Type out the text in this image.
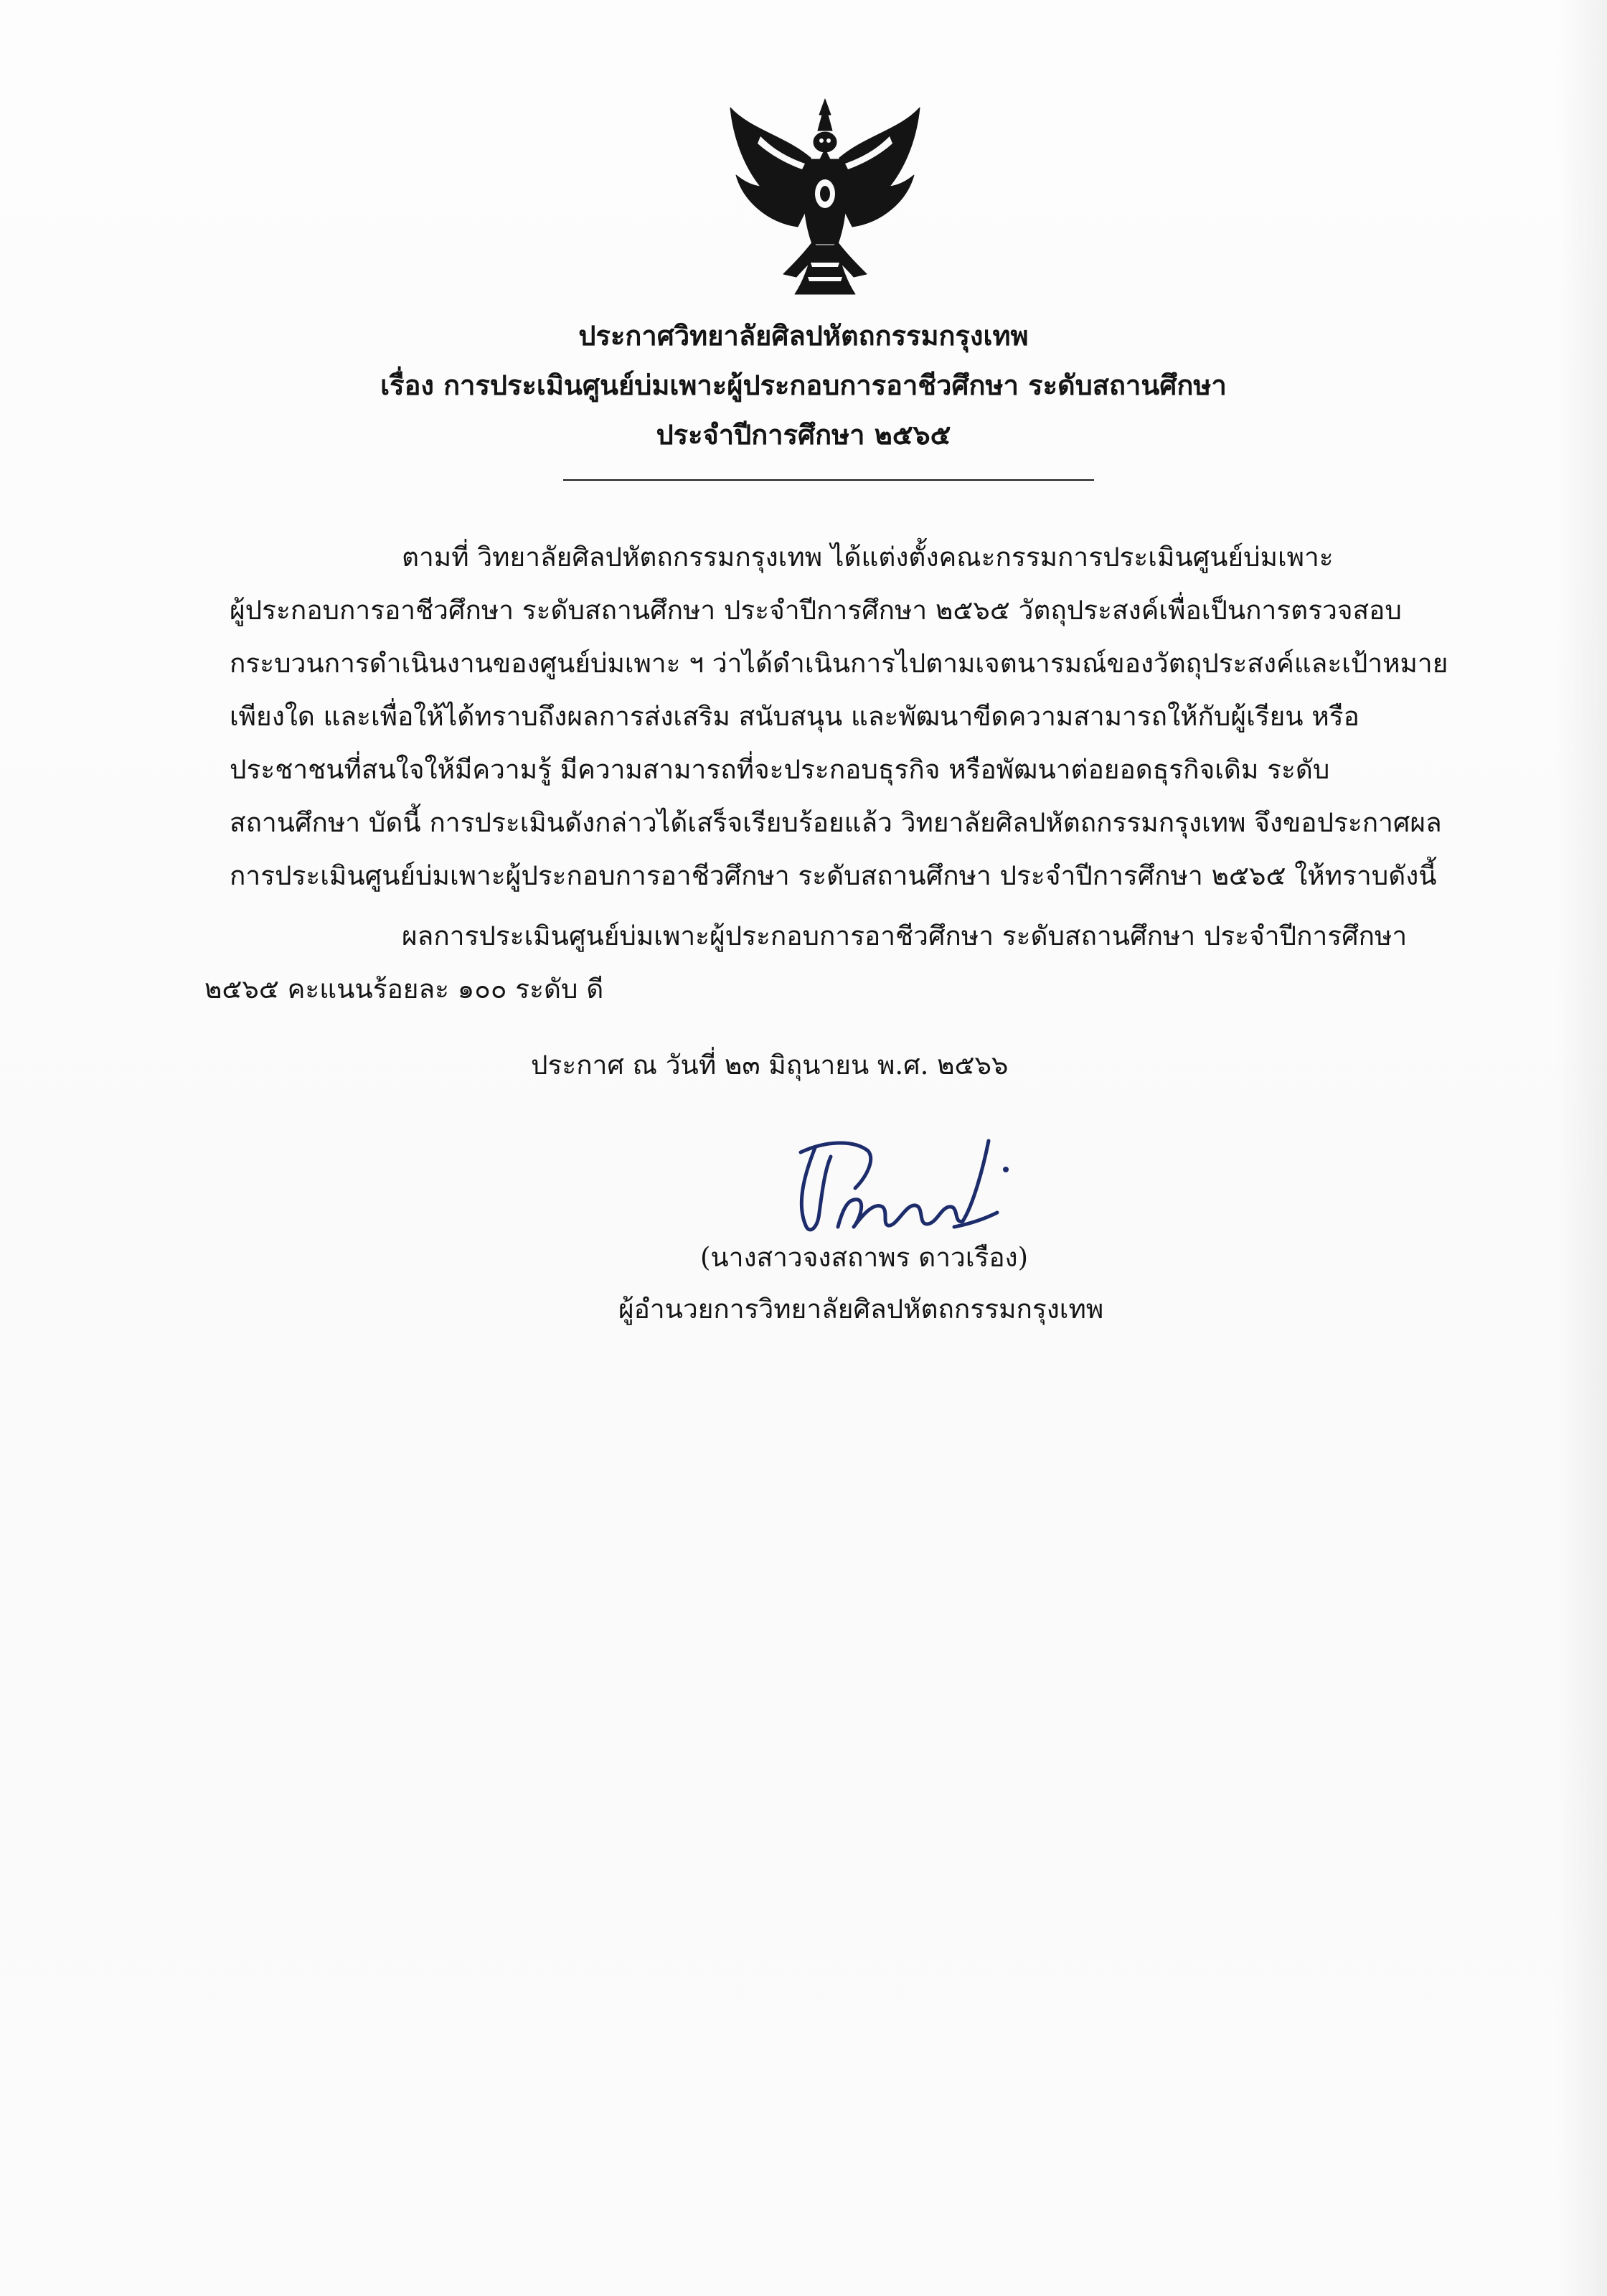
ประกาศวิทยาลัยศิลปหัตถกรรมกรุงเทพ
เรื่อง การประเมินศูนย์บ่มเพาะผู้ประกอบการอาชีวศึกษา ระดับสถานศึกษา
ประจำปีการศึกษา ๒๕๖๕
ตามที่ วิทยาลัยศิลปหัตถกรรมกรุงเทพ ได้แต่งตั้งคณะกรรมการประเมินศูนย์บ่มเพาะ
ผู้ประกอบการอาชีวศึกษา ระดับสถานศึกษา ประจำปีการศึกษา ๒๕๖๕ วัตถุประสงค์เพื่อเป็นการตรวจสอบ
กระบวนการดำเนินงานของศูนย์บ่มเพาะ ฯ ว่าได้ดำเนินการไปตามเจตนารมณ์ของวัตถุประสงค์และเป้าหมาย
เพียงใด และเพื่อให้ได้ทราบถึงผลการส่งเสริม สนับสนุน และพัฒนาขีดความสามารถให้กับผู้เรียน หรือ
ประชาชนที่สนใจให้มีความรู้ มีความสามารถที่จะประกอบธุรกิจ หรือพัฒนาต่อยอดธุรกิจเดิม ระดับ
สถานศึกษา บัดนี้ การประเมินดังกล่าวได้เสร็จเรียบร้อยแล้ว วิทยาลัยศิลปหัตถกรรมกรุงเทพ จึงขอประกาศผล
การประเมินศูนย์บ่มเพาะผู้ประกอบการอาชีวศึกษา ระดับสถานศึกษา ประจำปีการศึกษา ๒๕๖๕ ให้ทราบดังนี้
ผลการประเมินศูนย์บ่มเพาะผู้ประกอบการอาชีวศึกษา ระดับสถานศึกษา ประจำปีการศึกษา
๒๕๖๕ คะแนนร้อยละ ๑๐๐ ระดับ ดี
ประกาศ ณ วันที่ ๒๓ มิถุนายน พ.ศ. ๒๕๖๖
(นางสาวจงสถาพร ดาวเรือง)
ผู้อำนวยการวิทยาลัยศิลปหัตถกรรมกรุงเทพ
